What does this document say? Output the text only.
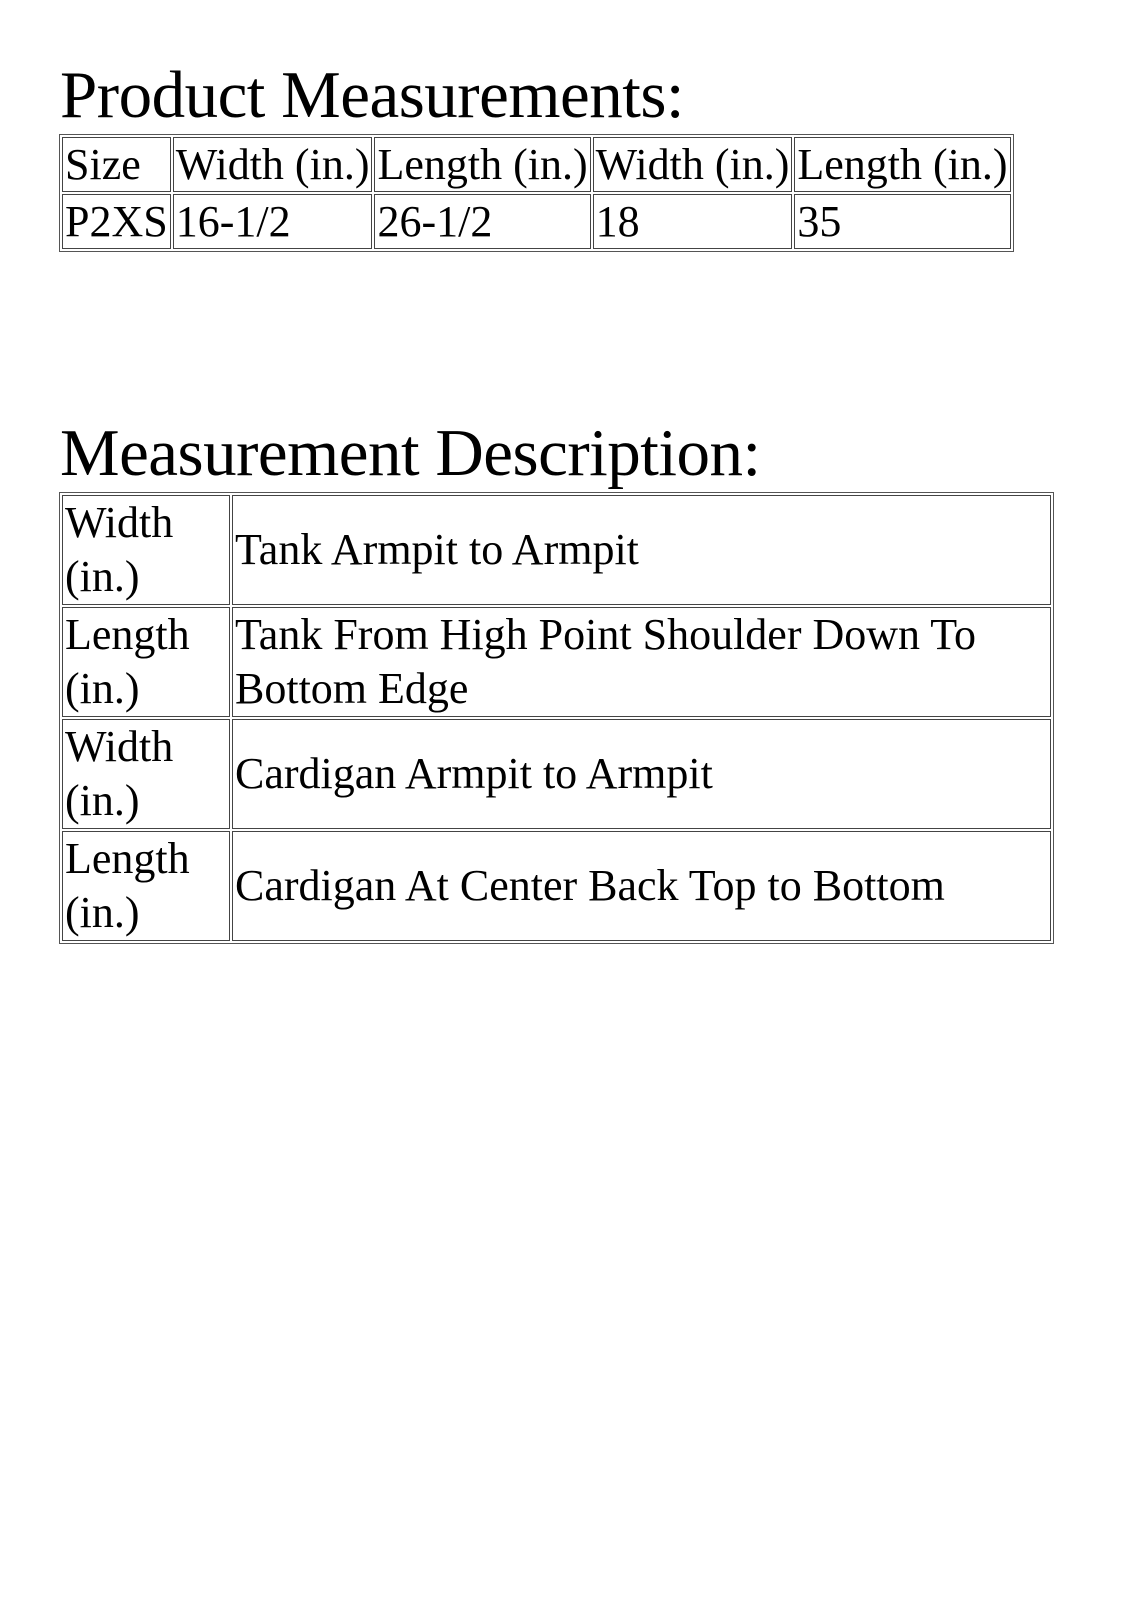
Product Measurements:
Size	Width (in.)	Length (in.)	Width (in.)	Length (in.)
P2XS	16-1/2	26-1/2	18	35
Measurement Description:
Width (in.)	Tank Armpit to Armpit
Length (in.)	Tank From High Point Shoulder Down To Bottom Edge
Width (in.)	Cardigan Armpit to Armpit
Length (in.)	Cardigan At Center Back Top to Bottom
